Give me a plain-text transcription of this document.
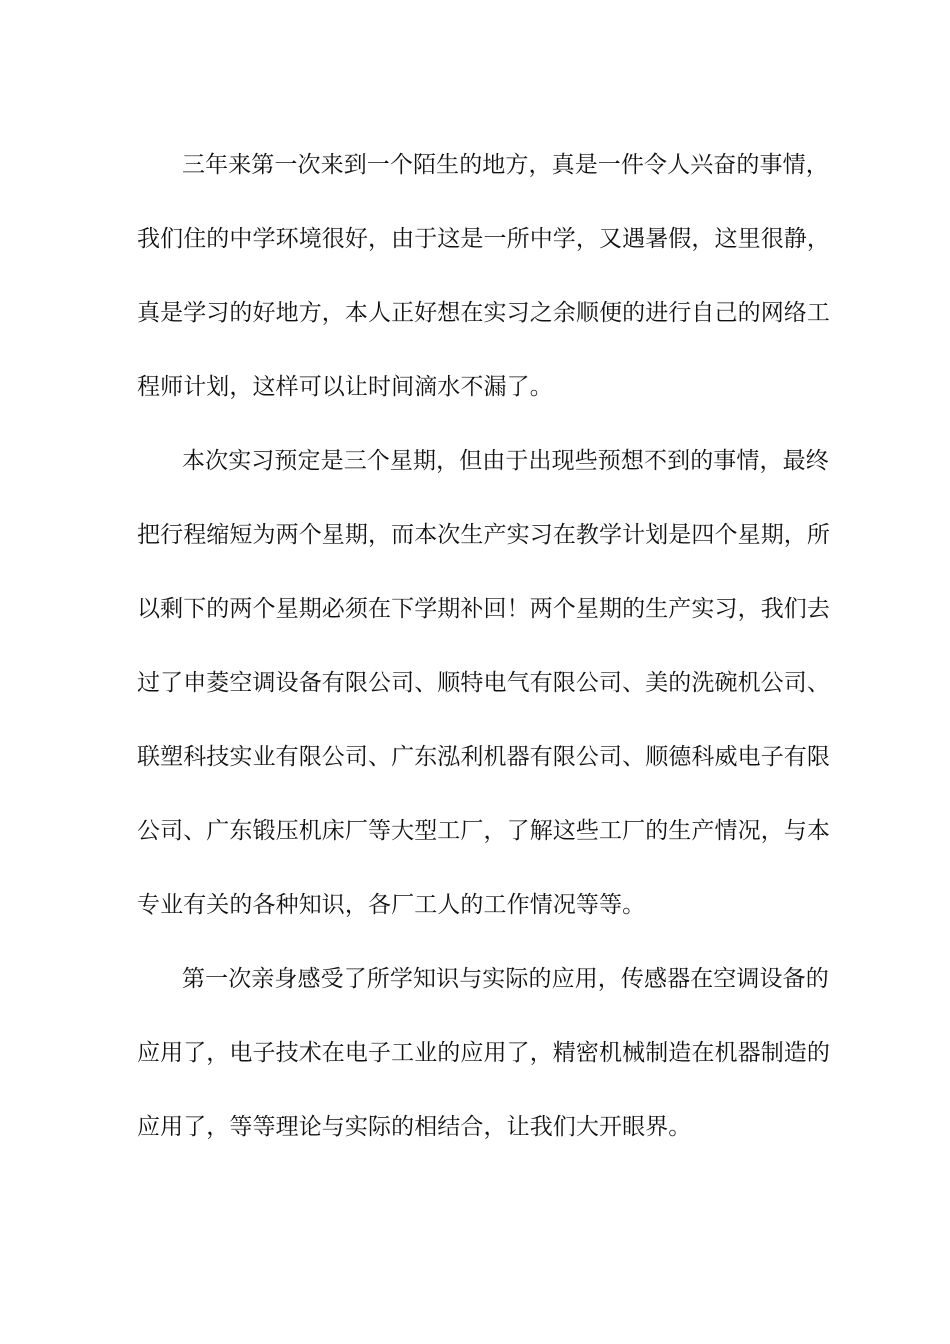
三年来第一次来到一个陌生的地方，真是一件令人兴奋的事情，
我们住的中学环境很好，由于这是一所中学，又遇暑假，这里很静，
真是学习的好地方，本人正好想在实习之余顺便的进行自己的网络工
程师计划，这样可以让时间滴水不漏了。
本次实习预定是三个星期，但由于出现些预想不到的事情，最终
把行程缩短为两个星期，而本次生产实习在教学计划是四个星期，所
以剩下的两个星期必须在下学期补回！两个星期的生产实习，我们去
过了申菱空调设备有限公司、顺特电气有限公司、美的洗碗机公司、
联塑科技实业有限公司、广东泓利机器有限公司、顺德科威电子有限
公司、广东锻压机床厂等大型工厂，了解这些工厂的生产情况，与本
专业有关的各种知识，各厂工人的工作情况等等。
第一次亲身感受了所学知识与实际的应用，传感器在空调设备的
应用了，电子技术在电子工业的应用了，精密机械制造在机器制造的
应用了，等等理论与实际的相结合，让我们大开眼界。
